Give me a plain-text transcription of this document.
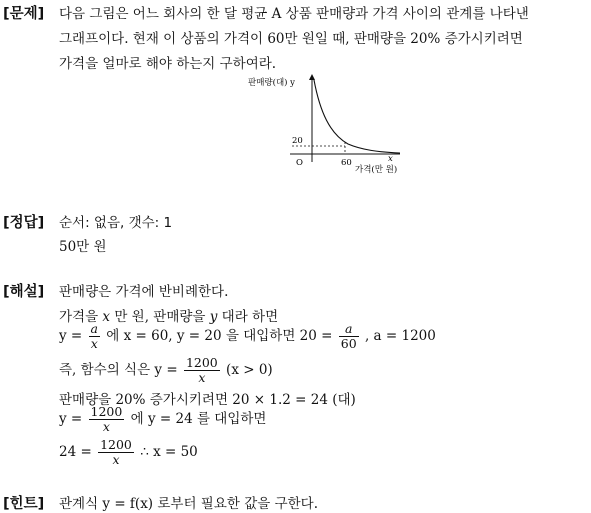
[문제] 다음 그림은 어느 회사의 한 달 평균 A 상품 판매량과 가격 사이의 관계를 나타낸
그래프이다. 현재 이 상품의 가격이 60만 원일 때, 판매량을 20% 증가시키려면
가격을 얼마로 해야 하는지 구하여라.
판매량(대) y
20
O	60	x
가격(만 원)
[정답] 순서: 없음, 갯수: 1
50만 원
[해설] 판매량은 가격에 반비례한다.
가격을 x 만 원, 판매량을 y 대라 하면
$y = \frac{a}{x}$ 에 x = 60, y = 20 을 대입하면 $20 = \frac{a}{60}$ , a = 1200
즉, 함수의 식은 $y = \frac{1200}{x} (x > 0)$
판매량을 20% 증가시키려면 20 × 1.2 = 24 (대)
$y = \frac{1200}{x}$ 에 y = 24 를 대입하면
$24 = \frac{1200}{x}$ ∴ x = 50
[힌트] 관계식 y = f(x) 로부터 필요한 값을 구한다.
